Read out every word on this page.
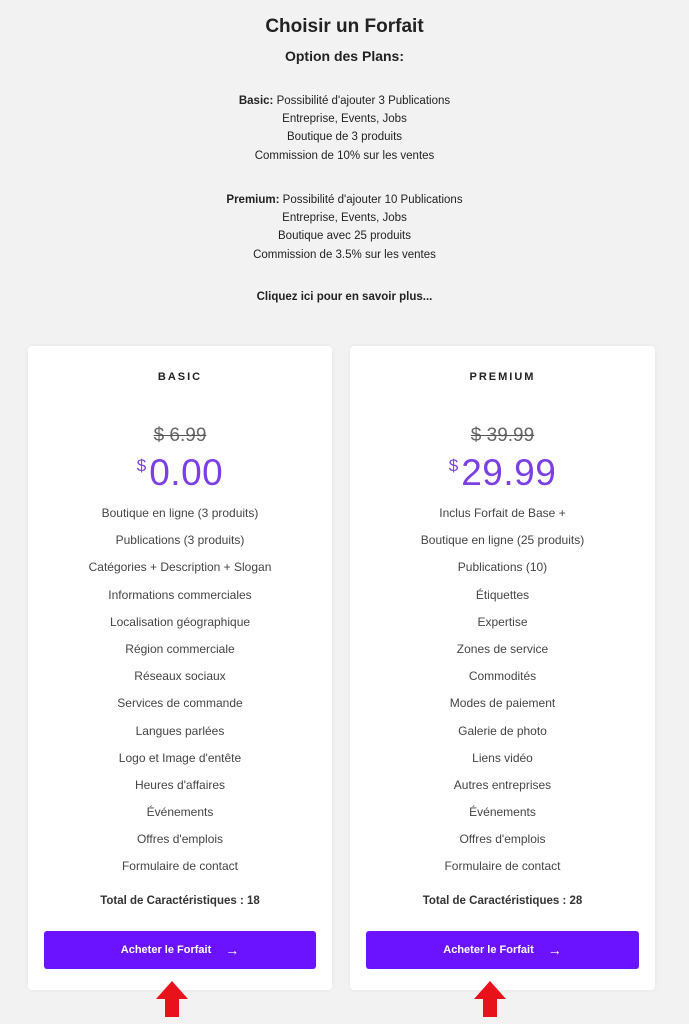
Choisir un Forfait
Option des Plans:
Basic: Possibilité d'ajouter 3 Publications
Entreprise, Events, Jobs
Boutique de 3 produits
Commission de 10% sur les ventes
Premium: Possibilité d'ajouter 10 Publications
Entreprise, Events, Jobs
Boutique avec 25 produits
Commission de 3.5% sur les ventes
Cliquez ici pour en savoir plus...
BASIC
$ 6.99
$0.00
Boutique en ligne (3 produits)
Publications (3 produits)
Catégories + Description + Slogan
Informations commerciales
Localisation géographique
Région commerciale
Réseaux sociaux
Services de commande
Langues parlées
Logo et Image d'entête
Heures d'affaires
Événements
Offres d'emplois
Formulaire de contact
Total de Caractéristiques : 18
Acheter le Forfait →
PREMIUM
$ 39.99
$29.99
Inclus Forfait de Base +
Boutique en ligne (25 produits)
Publications (10)
Étiquettes
Expertise
Zones de service
Commodités
Modes de paiement
Galerie de photo
Liens vidéo
Autres entreprises
Événements
Offres d'emplois
Formulaire de contact
Total de Caractéristiques : 28
Acheter le Forfait →
